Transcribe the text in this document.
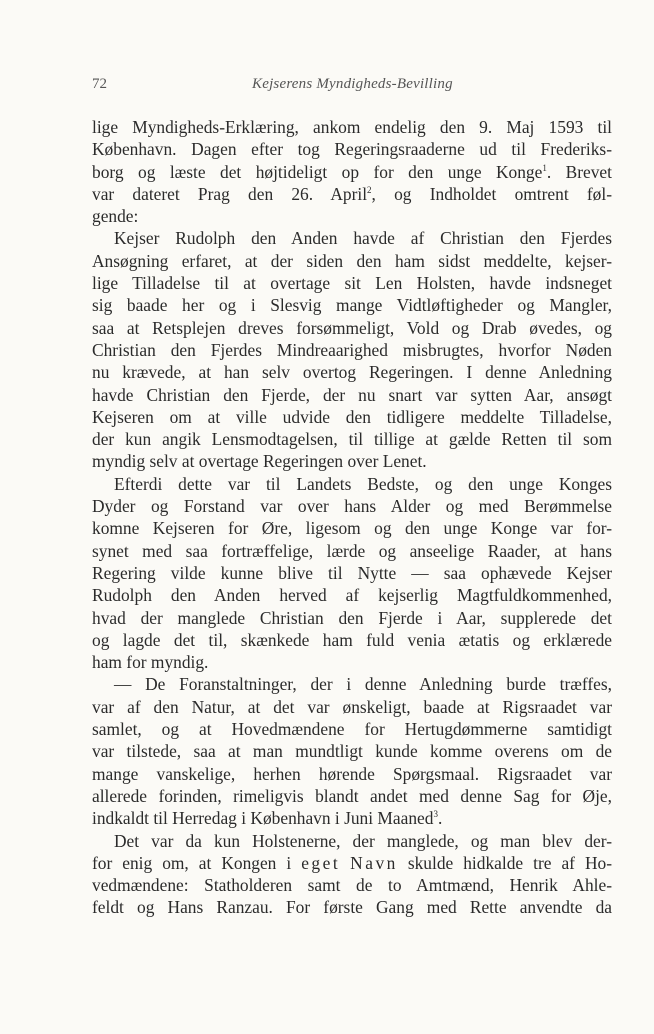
72	Kejserens Myndigheds-Bevilling
lige Myndigheds-Erklæring, ankom endelig den 9. Maj 1593 til
København. Dagen efter tog Regeringsraaderne ud til Frederiks-
borg og læste det højtideligt op for den unge Konge$^1$. Brevet
var dateret Prag den 26. April$^2$, og Indholdet omtrent føl-
gende:
Kejser Rudolph den Anden havde af Christian den Fjerdes
Ansøgning erfaret, at der siden den ham sidst meddelte, kejser-
lige Tilladelse til at overtage sit Len Holsten, havde indsneget
sig baade her og i Slesvig mange Vidtløftigheder og Mangler,
saa at Retsplejen dreves forsømmeligt, Vold og Drab øvedes, og
Christian den Fjerdes Mindreaarighed misbrugtes, hvorfor Nøden
nu krævede, at han selv overtog Regeringen. I denne Anledning
havde Christian den Fjerde, der nu snart var sytten Aar, ansøgt
Kejseren om at ville udvide den tidligere meddelte Tilladelse,
der kun angik Lensmodtagelsen, til tillige at gælde Retten til som
myndig selv at overtage Regeringen over Lenet.
Efterdi dette var til Landets Bedste, og den unge Konges
Dyder og Forstand var over hans Alder og med Berømmelse
komne Kejseren for Øre, ligesom og den unge Konge var for-
synet med saa fortræffelige, lærde og anseelige Raader, at hans
Regering vilde kunne blive til Nytte — saa ophævede Kejser
Rudolph den Anden herved af kejserlig Magtfuldkommenhed,
hvad der manglede Christian den Fjerde i Aar, supplerede det
og lagde det til, skænkede ham fuld venia ætatis og erklærede
ham for myndig.
— De Foranstaltninger, der i denne Anledning burde træffes,
var af den Natur, at det var ønskeligt, baade at Rigsraadet var
samlet, og at Hovedmændene for Hertugdømmerne samtidigt
var tilstede, saa at man mundtligt kunde komme overens om de
mange vanskelige, herhen hørende Spørgsmaal. Rigsraadet var
allerede forinden, rimeligvis blandt andet med denne Sag for Øje,
indkaldt til Herredag i København i Juni Maaned$^3$.
Det var da kun Holstenerne, der manglede, og man blev der-
for enig om, at Kongen i eget Navn skulde hidkalde tre af Ho-
vedmændene: Statholderen samt de to Amtmænd, Henrik Ahle-
feldt og Hans Ranzau. For første Gang med Rette anvendte da
